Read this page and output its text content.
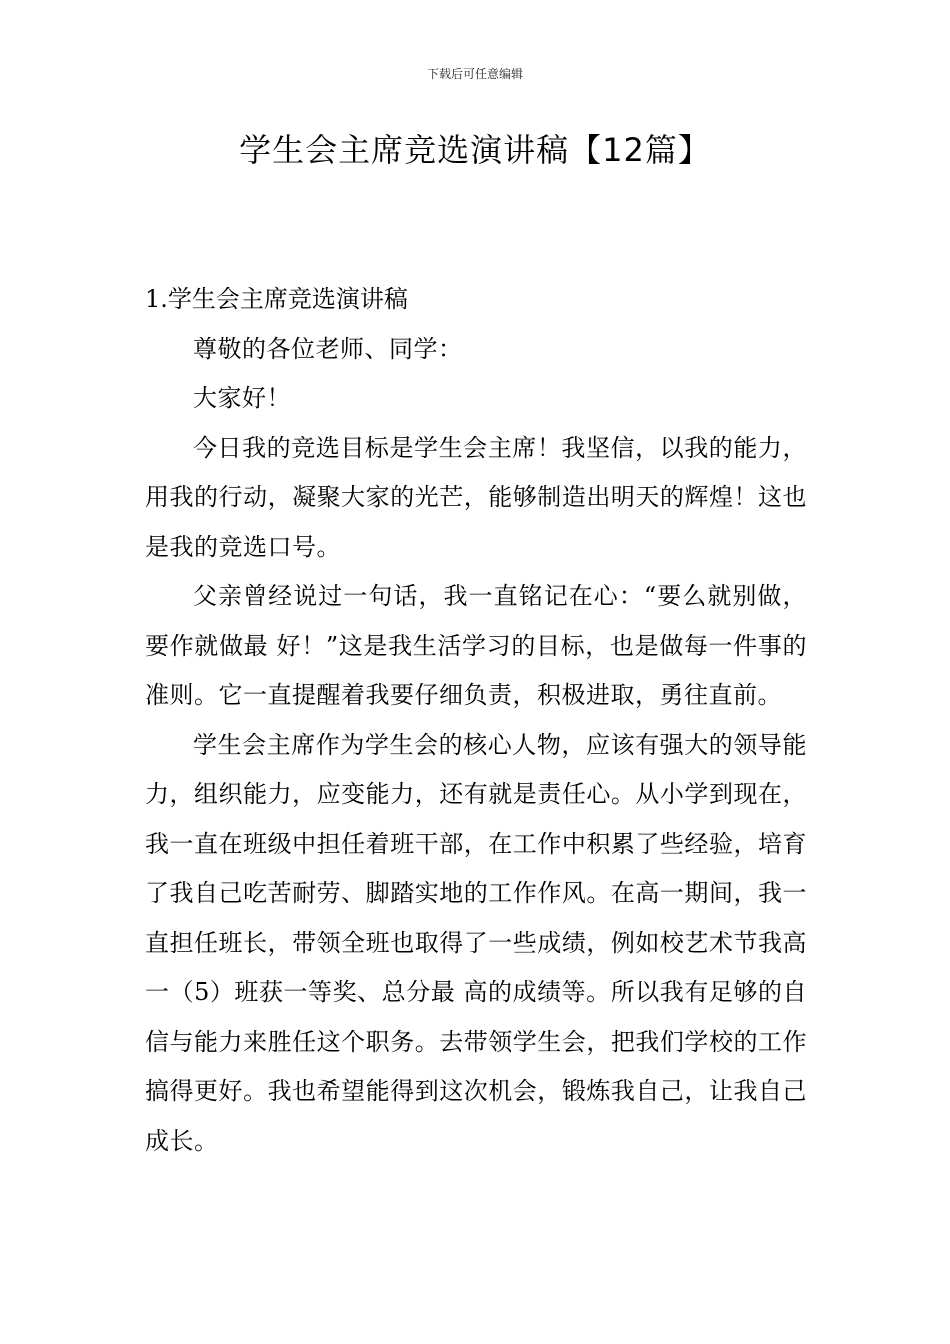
下载后可任意编辑
学生会主席竞选演讲稿【12篇】
1.学生会主席竞选演讲稿

尊敬的各位老师、同学：

大家好！

今日我的竞选目标是学生会主席！我坚信，以我的能力，用我的行动，凝聚大家的光芒，能够制造出明天的辉煌！这也是我的竞选口号。

父亲曾经说过一句话，我一直铭记在心：“要么就别做，要作就做最 好！”这是我生活学习的目标，也是做每一件事的准则。它一直提醒着我要仔细负责，积极进取，勇往直前。

学生会主席作为学生会的核心人物，应该有强大的领导能力，组织能力，应变能力，还有就是责任心。从小学到现在，我一直在班级中担任着班干部，在工作中积累了些经验，培育了我自己吃苦耐劳、脚踏实地的工作作风。在高一期间，我一直担任班长，带领全班也取得了一些成绩，例如校艺术节我高一（5）班获一等奖、总分最 高的成绩等。所以我有足够的自信与能力来胜任这个职务。去带领学生会，把我们学校的工作搞得更好。我也希望能得到这次机会，锻炼我自己，让我自己成长。
